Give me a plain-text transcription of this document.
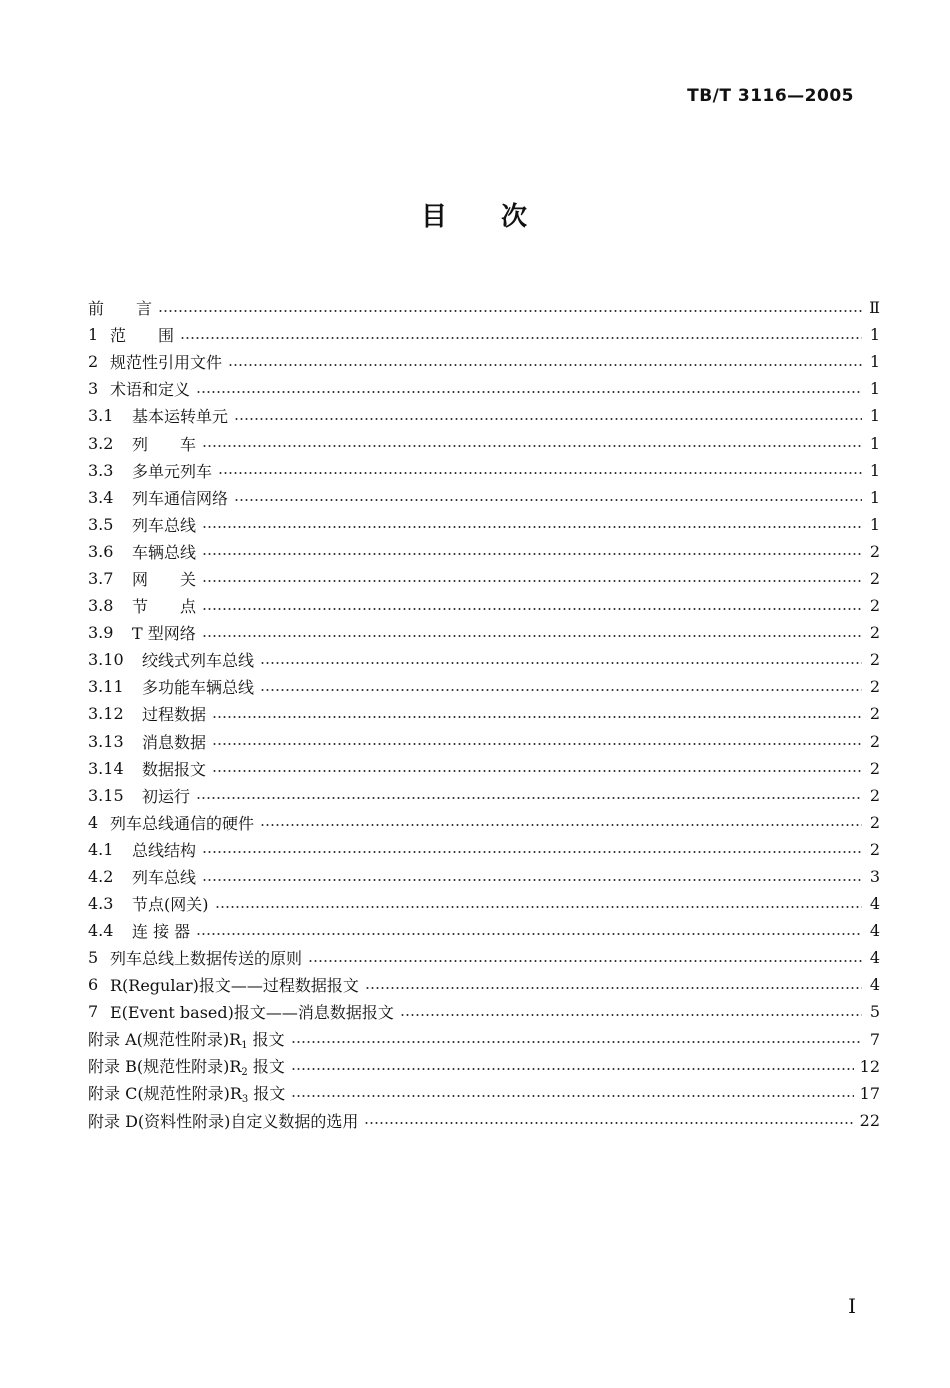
TB/T 3116—2005
目 次
前　　言	Ⅱ
1 范　　围	1
2 规范性引用文件	1
3 术语和定义	1
3.1	基本运转单元	1
3.2	列　　车	1
3.3	多单元列车	1
3.4	列车通信网络	1
3.5	列车总线	1
3.6	车辆总线	2
3.7	网　　关	2
3.8	节　　点	2
3.9	T 型网络	2
3.10	绞线式列车总线	2
3.11	多功能车辆总线	2
3.12	过程数据	2
3.13	消息数据	2
3.14	数据报文	2
3.15	初运行	2
4 列车总线通信的硬件	2
4.1	总线结构	2
4.2	列车总线	3
4.3	节点(网关)	4
4.4	连 接 器	4
5 列车总线上数据传送的原则	4
6 R(Regular)报文——过程数据报文	4
7 E(Event based)报文——消息数据报文	5
附录 A(规范性附录)$R_1$ 报文	7
附录 B(规范性附录)$R_2$ 报文	12
附录 C(规范性附录)$R_3$ 报文	17
附录 D(资料性附录)自定义数据的选用	22
I
